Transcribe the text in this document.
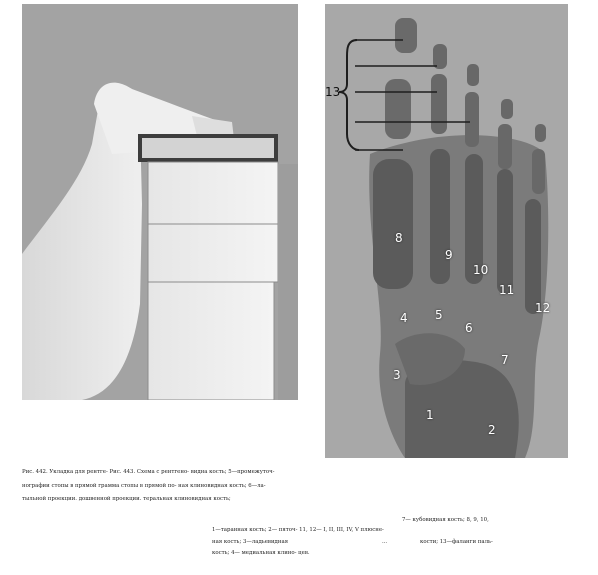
13
8
9
10
11
12
4 5
6
7
3
1
2
Рис. 442. Укладка для рентге- Рис. 443. Схема с рентгено- видна кость; 5—промежуточ-
нографии стопы в прямой грамма стопы в прямой по- ная клиновидная кость; 6—ла-
тыльной проекции. дошвенной проекции. теральная клиновидная кость;
7— кубовидная кость; 8, 9, 10,
1—таранная кость; 2— пяточ- 11, 12— I, II, III, IV, V плюсне-
ная кость; 3—ладьевидная	...	кости; 13—фаланги паль-
кость; 4— медиальная клино- цев.
